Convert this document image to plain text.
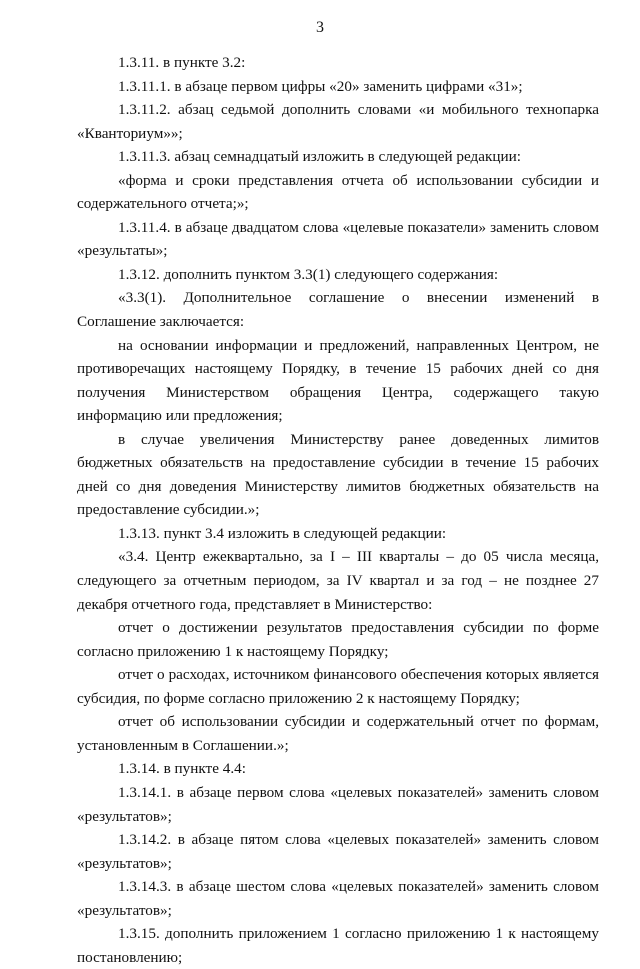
3

1.3.11. в пункте 3.2:

1.3.11.1. в абзаце первом цифры «20» заменить цифрами «31»;

1.3.11.2. абзац седьмой дополнить словами «и мобильного технопарка «Кванториум»»;

1.3.11.3. абзац семнадцатый изложить в следующей редакции:

«форма и сроки представления отчета об использовании субсидии и содержательного отчета;»;

1.3.11.4. в абзаце двадцатом слова «целевые показатели» заменить словом «результаты»;

1.3.12. дополнить пунктом 3.3(1) следующего содержания:

«3.3(1). Дополнительное соглашение о внесении изменений в Соглашение заключается:

на основании информации и предложений, направленных Центром, не противоречащих настоящему Порядку, в течение 15 рабочих дней со дня получения Министерством обращения Центра, содержащего такую информацию или предложения;

в случае увеличения Министерству ранее доведенных лимитов бюджетных обязательств на предоставление субсидии в течение 15 рабочих дней со дня доведения Министерству лимитов бюджетных обязательств на предоставление субсидии.»;

1.3.13. пункт 3.4 изложить в следующей редакции:

«3.4. Центр ежеквартально, за I – III кварталы – до 05 числа месяца, следующего за отчетным периодом, за IV квартал и за год – не позднее 27 декабря отчетного года, представляет в Министерство:

отчет о достижении результатов предоставления субсидии по форме согласно приложению 1 к настоящему Порядку;

отчет о расходах, источником финансового обеспечения которых является субсидия, по форме согласно приложению 2 к настоящему Порядку;

отчет об использовании субсидии и содержательный отчет по формам, установленным в Соглашении.»;

1.3.14. в пункте 4.4:

1.3.14.1. в абзаце первом слова «целевых показателей» заменить словом «результатов»;

1.3.14.2. в абзаце пятом слова «целевых показателей» заменить словом «результатов»;

1.3.14.3. в абзаце шестом слова «целевых показателей» заменить словом «результатов»;

1.3.15. дополнить приложением 1 согласно приложению 1 к настоящему постановлению;
